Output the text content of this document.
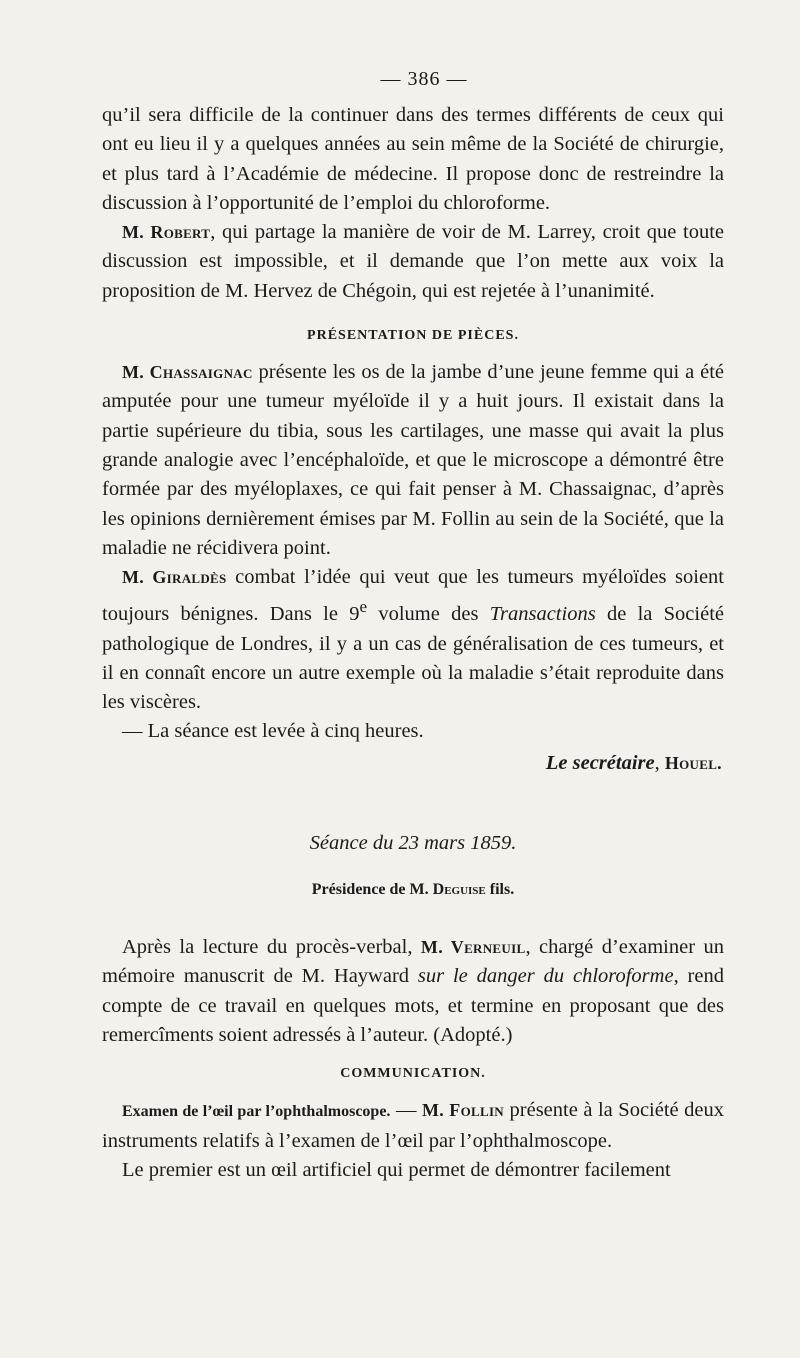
— 386 —

qu’il sera difficile de la continuer dans des termes différents de ceux qui ont eu lieu il y a quelques années au sein même de la Société de chirurgie, et plus tard à l’Académie de médecine. Il propose donc de restreindre la discussion à l’opportunité de l’emploi du chloroforme.

M. Robert, qui partage la manière de voir de M. Larrey, croit que toute discussion est impossible, et il demande que l’on mette aux voix la proposition de M. Hervez de Chégoin, qui est rejetée à l’unanimité.

PRÉSENTATION DE PIÈCES.

M. Chassaignac présente les os de la jambe d’une jeune femme qui a été amputée pour une tumeur myéloïde il y a huit jours. Il existait dans la partie supérieure du tibia, sous les cartilages, une masse qui avait la plus grande analogie avec l’encéphaloïde, et que le microscope a démontré être formée par des myéloplaxes, ce qui fait penser à M. Chassaignac, d’après les opinions dernièrement émises par M. Follin au sein de la Société, que la maladie ne récidivera point.

M. Giraldès combat l’idée qui veut que les tumeurs myéloïdes soient toujours bénignes. Dans le 9e volume des Transactions de la Société pathologique de Londres, il y a un cas de généralisation de ces tumeurs, et il en connaît encore un autre exemple où la maladie s’était reproduite dans les viscères.

— La séance est levée à cinq heures.

Le secrétaire, Houel.
Séance du 23 mars 1859.
Présidence de M. Deguise fils.

Après la lecture du procès-verbal, M. Verneuil, chargé d’examiner un mémoire manuscrit de M. Hayward sur le danger du chloroforme, rend compte de ce travail en quelques mots, et termine en proposant que des remercîments soient adressés à l’auteur. (Adopté.)

COMMUNICATION.

Examen de l’œil par l’ophthalmoscope. — M. Follin présente à la Société deux instruments relatifs à l’examen de l’œil par l’ophthalmoscope.

Le premier est un œil artificiel qui permet de démontrer facilement
